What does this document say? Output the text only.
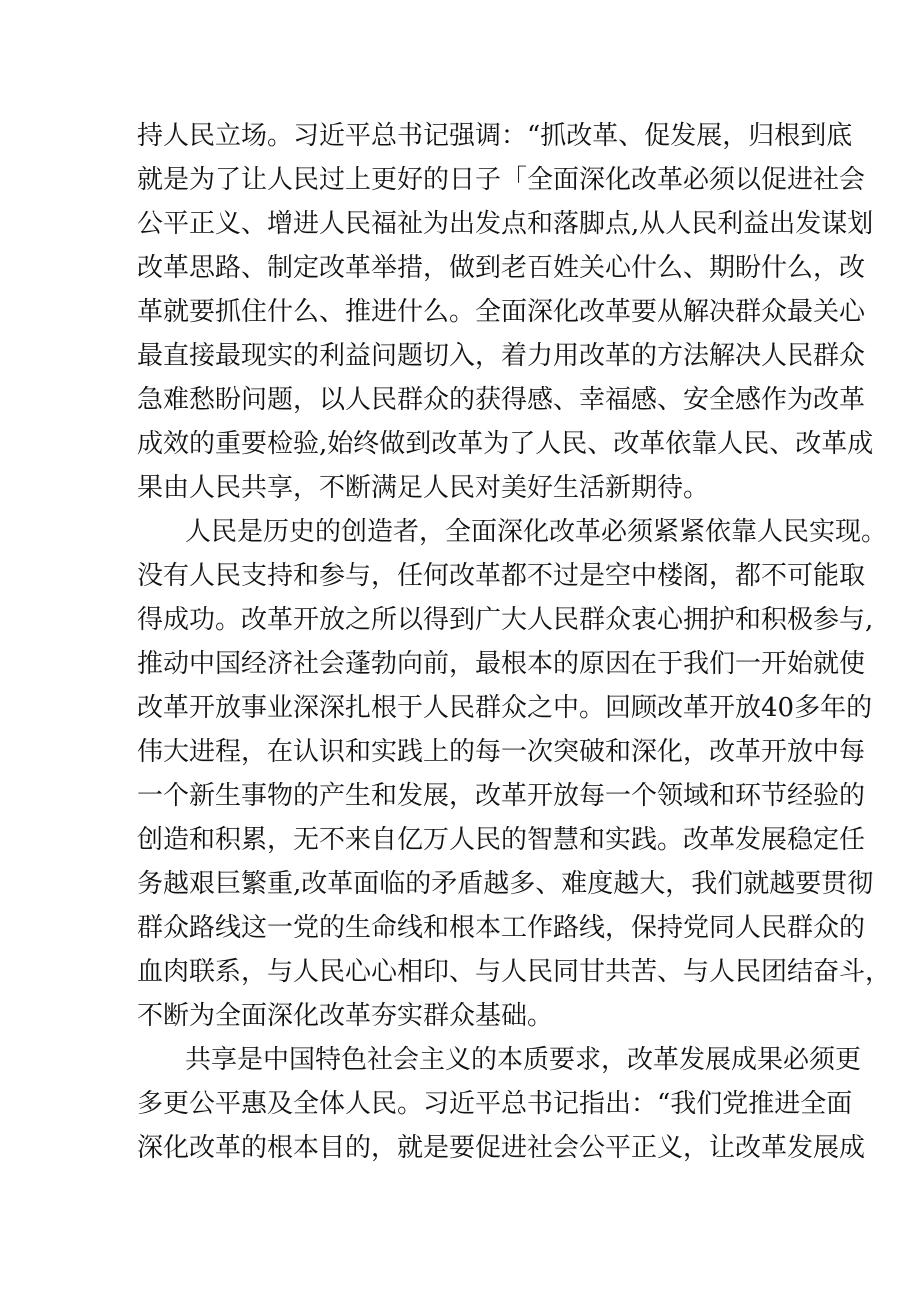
持人民立场。习近平总书记强调：“抓改革、促发展，归根到底
就是为了让人民过上更好的日子「全面深化改革必须以促进社会
公平正义、增进人民福祉为出发点和落脚点,从人民利益出发谋划
改革思路、制定改革举措，做到老百姓关心什么、期盼什么，改
革就要抓住什么、推进什么。全面深化改革要从解决群众最关心
最直接最现实的利益问题切入，着力用改革的方法解决人民群众
急难愁盼问题，以人民群众的获得感、幸福感、安全感作为改革
成效的重要检验,始终做到改革为了人民、改革依靠人民、改革成
果由人民共享，不断满足人民对美好生活新期待。
人民是历史的创造者，全面深化改革必须紧紧依靠人民实现。
没有人民支持和参与，任何改革都不过是空中楼阁，都不可能取
得成功。改革开放之所以得到广大人民群众衷心拥护和积极参与,
推动中国经济社会蓬勃向前，最根本的原因在于我们一开始就使
改革开放事业深深扎根于人民群众之中。回顾改革开放40多年的
伟大进程，在认识和实践上的每一次突破和深化，改革开放中每
一个新生事物的产生和发展，改革开放每一个领域和环节经验的
创造和积累，无不来自亿万人民的智慧和实践。改革发展稳定任
务越艰巨繁重,改革面临的矛盾越多、难度越大，我们就越要贯彻
群众路线这一党的生命线和根本工作路线，保持党同人民群众的
血肉联系，与人民心心相印、与人民同甘共苦、与人民团结奋斗，
不断为全面深化改革夯实群众基础。
共享是中国特色社会主义的本质要求，改革发展成果必须更
多更公平惠及全体人民。习近平总书记指出：“我们党推进全面
深化改革的根本目的，就是要促进社会公平正义，让改革发展成
